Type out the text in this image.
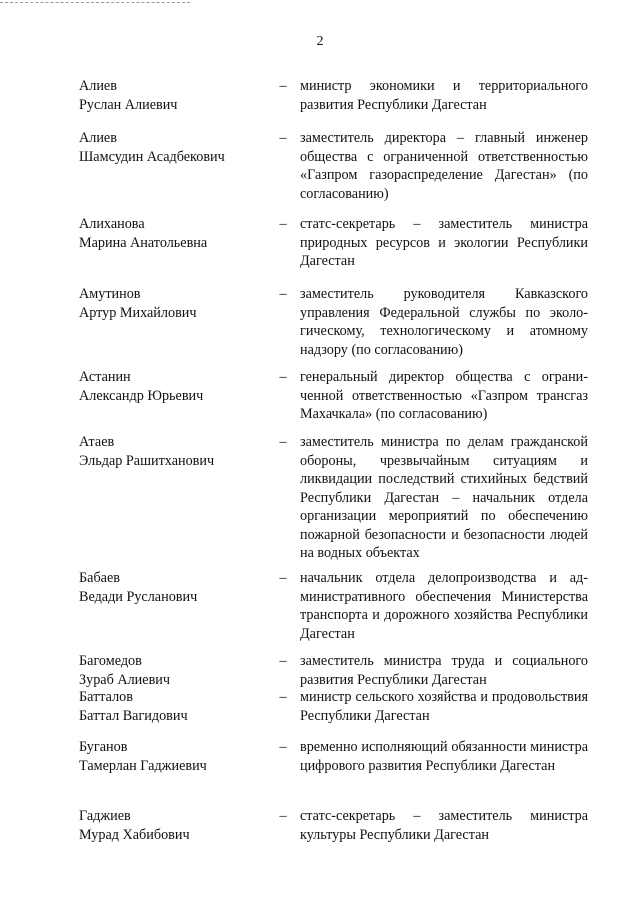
2
Алиев
Руслан Алиевич
– министр экономики и территориального развития Республики Дагестан
Алиев
Шамсудин Асадбекович
– заместитель директора – главный инженер общества с ограниченной ответственностью «Газпром газораспределение Дагестан» (по согласованию)
Алиханова
Марина Анатольевна
– статс-секретарь – заместитель министра природных ресурсов и экологии Республики Дагестан
Амутинов
Артур Михайлович
– заместитель руководителя Кавказского управления Федеральной службы по экологическому, технологическому и атомному надзору (по согласованию)
Астанин
Александр Юрьевич
– генеральный директор общества с ограниченной ответственностью «Газпром трансгаз Махачкала» (по согласованию)
Атаев
Эльдар Рашитханович
– заместитель министра по делам гражданской обороны, чрезвычайным ситуациям и ликвидации последствий стихийных бедствий Республики Дагестан – начальник отдела организации мероприятий по обеспечению пожарной безопасности и безопасности людей на водных объектах
Бабаев
Ведади Русланович
– начальник отдела делопроизводства и административного обеспечения Министерства транспорта и дорожного хозяйства Республики Дагестан
Багомедов
Зураб Алиевич
– заместитель министра труда и социального развития Республики Дагестан
Батталов
Баттал Вагидович
– министр сельского хозяйства и продовольствия Республики Дагестан
Буганов
Тамерлан Гаджиевич
– временно исполняющий обязанности министра цифрового развития Республики Дагестан
Гаджиев
Мурад Хабибович
– статс-секретарь – заместитель министра культуры Республики Дагестан
